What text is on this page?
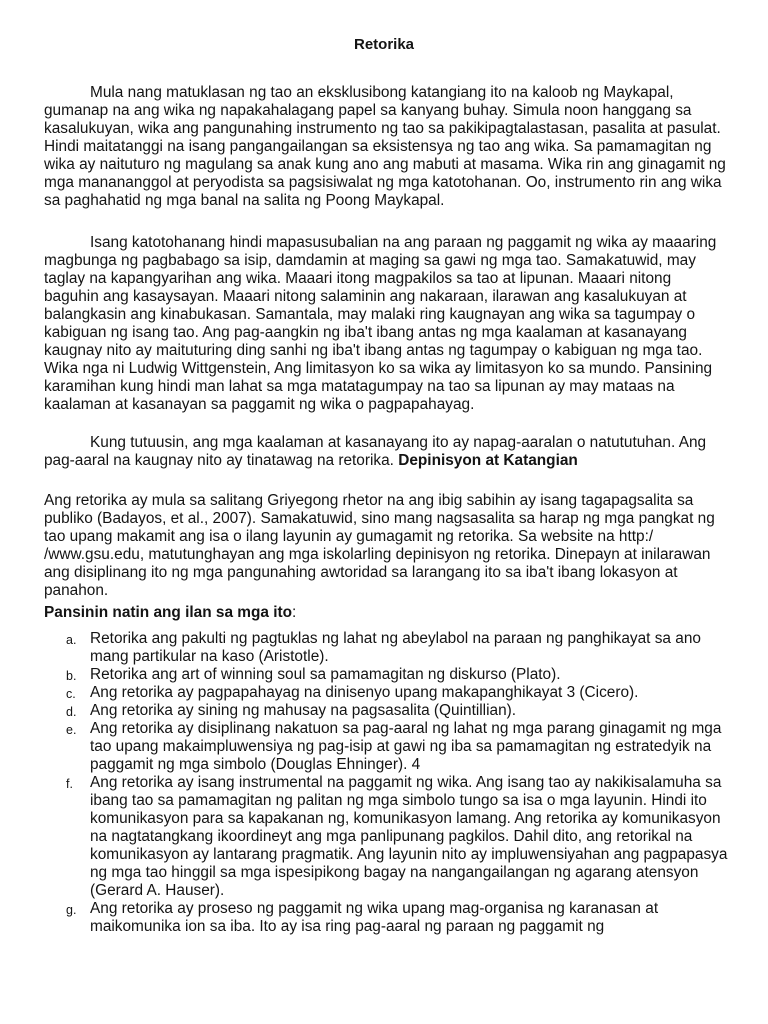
Retorika
Mula nang matuklasan ng tao an eksklusibong katangiang ito na kaloob ng Maykapal, gumanap na ang wika ng napakahalagang papel sa kanyang buhay. Simula noon hanggang sa kasalukuyan, wika ang pangunahing instrumento ng tao sa pakikipagtalastasan, pasalita at pasulat. Hindi maitatanggi na isang pangangailangan sa eksistensya ng tao ang wika. Sa pamamagitan ng wika ay naituturo ng magulang sa anak kung ano ang mabuti at masama. Wika rin ang ginagamit ng mga manananggol at peryodista sa pagsisiwalat ng mga katotohanan. Oo, instrumento rin ang wika sa paghahatid ng mga banal na salita ng Poong Maykapal.
Isang katotohanang hindi mapasusubalian na ang paraan ng paggamit ng wika ay maaaring magbunga ng pagbabago sa isip, damdamin at maging sa gawi ng mga tao. Samakatuwid, may taglay na kapangyarihan ang wika. Maaari itong magpakilos sa tao at lipunan. Maaari nitong baguhin ang kasaysayan. Maaari nitong salaminin ang nakaraan, ilarawan ang kasalukuyan at balangkasin ang kinabukasan. Samantala, may malaki ring kaugnayan ang wika sa tagumpay o kabiguan ng isang tao. Ang pag-aangkin ng iba't ibang antas ng mga kaalaman at kasanayang kaugnay nito ay maituturing ding sanhi ng iba't ibang antas ng tagumpay o kabiguan ng mga tao. Wika nga ni Ludwig Wittgenstein, Ang limitasyon ko sa wika ay limitasyon ko sa mundo. Pansining karamihan kung hindi man lahat sa mga matatagumpay na tao sa lipunan ay may mataas na kaalaman at kasanayan sa paggamit ng wika o pagpapahayag.
Kung tutuusin, ang mga kaalaman at kasanayang ito ay napag-aaralan o natututuhan. Ang pag-aaral na kaugnay nito ay tinatawag na retorika. Depinisyon at Katangian
Ang retorika ay mula sa salitang Griyegong rhetor na ang ibig sabihin ay isang tagapagsalita sa publiko (Badayos, et al., 2007). Samakatuwid, sino mang nagsasalita sa harap ng mga pangkat ng tao upang makamit ang isa o ilang layunin ay gumagamit ng retorika. Sa website na http:/ /www.gsu.edu, matutunghayan ang mga iskolarling depinisyon ng retorika. Dinepayn at inilarawan ang disiplinang ito ng mga pangunahing awtoridad sa larangang ito sa iba't ibang lokasyon at panahon.
Pansinin natin ang ilan sa mga ito:
a. Retorika ang pakulti ng pagtuklas ng lahat ng abeylabol na paraan ng panghikayat sa ano mang partikular na kaso (Aristotle).
b. Retorika ang art of winning soul sa pamamagitan ng diskurso (Plato).
c. Ang retorika ay pagpapahayag na dinisenyo upang makapanghikayat 3 (Cicero).
d. Ang retorika ay sining ng mahusay na pagsasalita (Quintillian).
e. Ang retorika ay disiplinang nakatuon sa pag-aaral ng lahat ng mga parang ginagamit ng mga tao upang makaimpluwensiya ng pag-isip at gawi ng iba sa pamamagitan ng estratedyik na paggamit ng mga simbolo (Douglas Ehninger). 4
f. Ang retorika ay isang instrumental na paggamit ng wika. Ang isang tao ay nakikisalamuha sa ibang tao sa pamamagitan ng palitan ng mga simbolo tungo sa isa o mga layunin. Hindi ito komunikasyon para sa kapakanan ng, komunikasyon lamang. Ang retorika ay komunikasyon na nagtatangkang ikoordineyt ang mga panlipunang pagkilos. Dahil dito, ang retorikal na komunikasyon ay lantarang pragmatik. Ang layunin nito ay impluwensiyahan ang pagpapasya ng mga tao hinggil sa mga ispesipikong bagay na nangangailangan ng agarang atensyon (Gerard A. Hauser).
g. Ang retorika ay proseso ng paggamit ng wika upang mag-organisa ng karanasan at maikomunika ion sa iba. Ito ay isa ring pag-aaral ng paraan ng paggamit ng
